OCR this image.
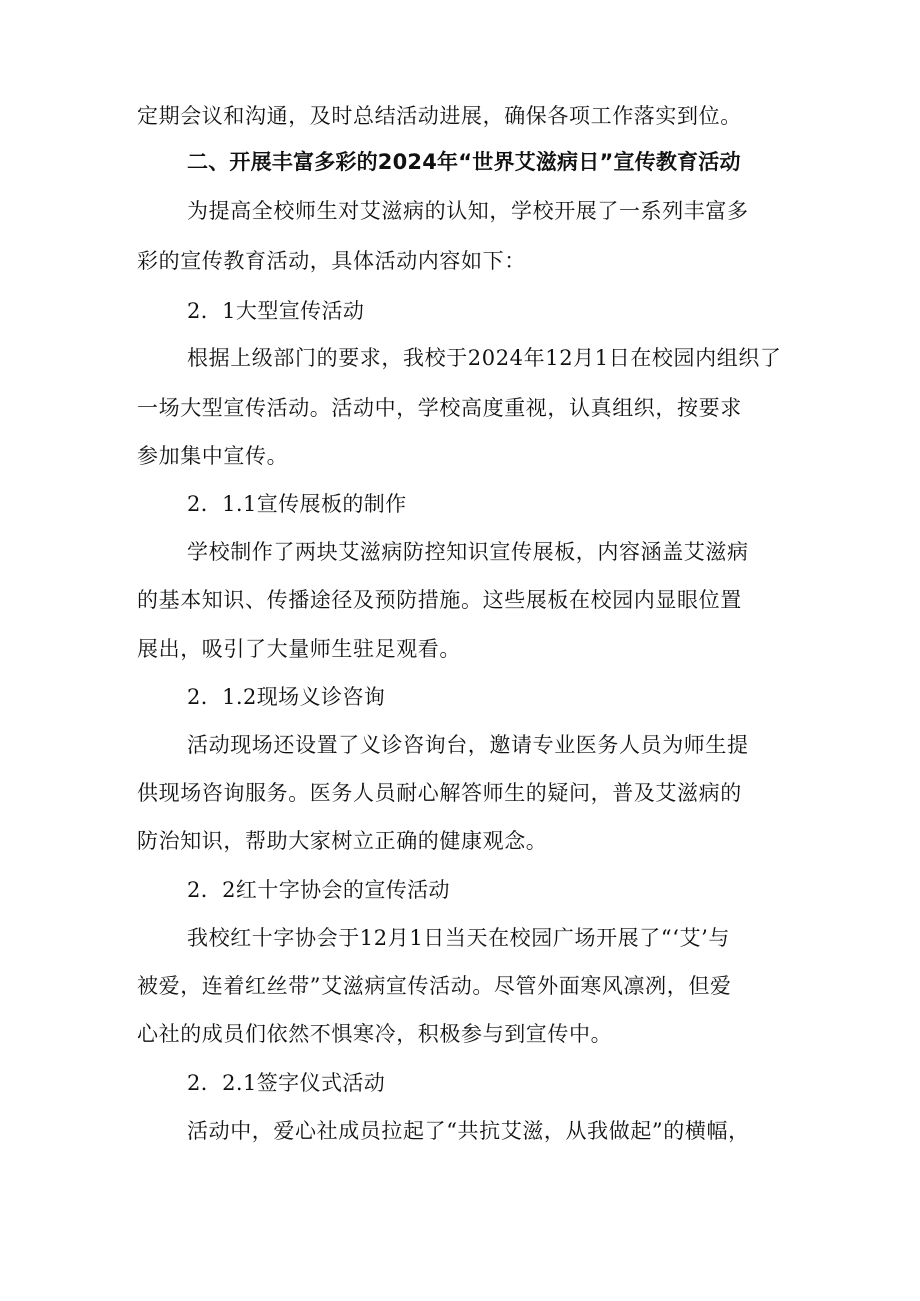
定期会议和沟通，及时总结活动进展，确保各项工作落实到位。
二、开展丰富多彩的2024年“世界艾滋病日”宣传教育活动
为提高全校师生对艾滋病的认知，学校开展了一系列丰富多
彩的宣传教育活动，具体活动内容如下：
2．1大型宣传活动
根据上级部门的要求，我校于2024年12月1日在校园内组织了
一场大型宣传活动。活动中，学校高度重视，认真组织，按要求
参加集中宣传。
2．1.1宣传展板的制作
学校制作了两块艾滋病防控知识宣传展板，内容涵盖艾滋病
的基本知识、传播途径及预防措施。这些展板在校园内显眼位置
展出，吸引了大量师生驻足观看。
2．1.2现场义诊咨询
活动现场还设置了义诊咨询台，邀请专业医务人员为师生提
供现场咨询服务。医务人员耐心解答师生的疑问，普及艾滋病的
防治知识，帮助大家树立正确的健康观念。
2．2红十字协会的宣传活动
我校红十字协会于12月1日当天在校园广场开展了“‘艾’与
被爱，连着红丝带”艾滋病宣传活动。尽管外面寒风凛冽，但爱
心社的成员们依然不惧寒冷，积极参与到宣传中。
2．2.1签字仪式活动
活动中，爱心社成员拉起了“共抗艾滋，从我做起”的横幅，
